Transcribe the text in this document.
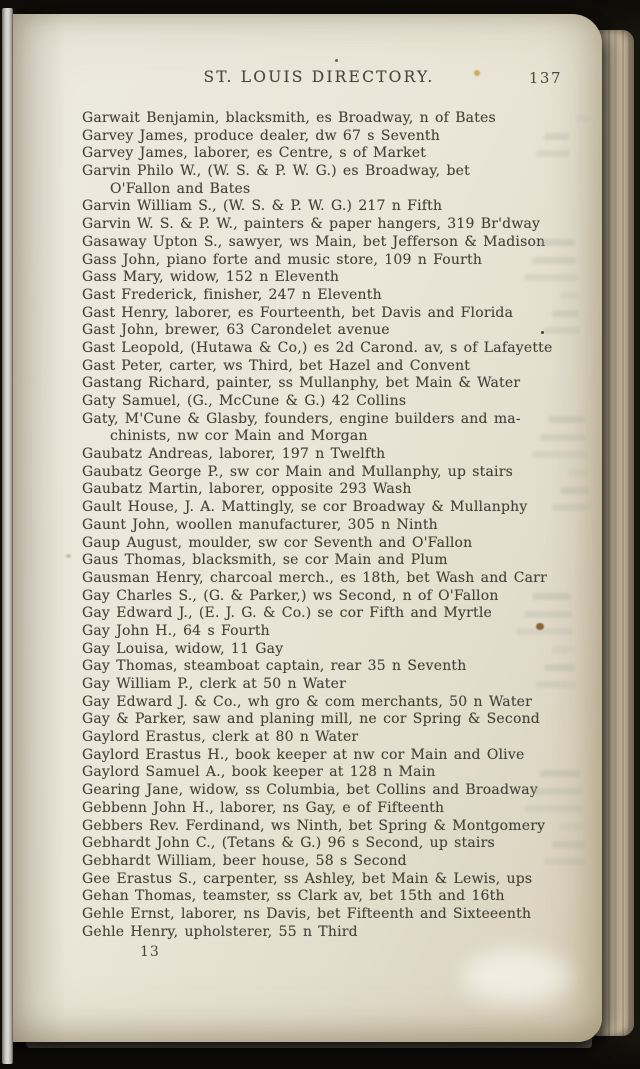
ST. LOUIS DIRECTORY.	137
Garwait Benjamin, blacksmith, es Broadway, n of Bates
Garvey James, produce dealer, dw 67 s Seventh
Garvey James, laborer, es Centre, s of Market
Garvin Philo W., (W. S. & P. W. G.) es Broadway, bet
O'Fallon and Bates
Garvin William S., (W. S. & P. W. G.) 217 n Fifth
Garvin W. S. & P. W., painters & paper hangers, 319 Br'dway
Gasaway Upton S., sawyer, ws Main, bet Jefferson & Madison
Gass John, piano forte and music store, 109 n Fourth
Gass Mary, widow, 152 n Eleventh
Gast Frederick, finisher, 247 n Eleventh
Gast Henry, laborer, es Fourteenth, bet Davis and Florida
Gast John, brewer, 63 Carondelet avenue
Gast Leopold, (Hutawa & Co,) es 2d Carond. av, s of Lafayette
Gast Peter, carter, ws Third, bet Hazel and Convent
Gastang Richard, painter, ss Mullanphy, bet Main & Water
Gaty Samuel, (G., McCune & G.) 42 Collins
Gaty, M'Cune & Glasby, founders, engine builders and ma-
chinists, nw cor Main and Morgan
Gaubatz Andreas, laborer, 197 n Twelfth
Gaubatz George P., sw cor Main and Mullanphy, up stairs
Gaubatz Martin, laborer, opposite 293 Wash
Gault House, J. A. Mattingly, se cor Broadway & Mullanphy
Gaunt John, woollen manufacturer, 305 n Ninth
Gaup August, moulder, sw cor Seventh and O'Fallon
Gaus Thomas, blacksmith, se cor Main and Plum
Gausman Henry, charcoal merch., es 18th, bet Wash and Carr
Gay Charles S., (G. & Parker,) ws Second, n of O'Fallon
Gay Edward J., (E. J. G. & Co.) se cor Fifth and Myrtle
Gay John H., 64 s Fourth
Gay Louisa, widow, 11 Gay
Gay Thomas, steamboat captain, rear 35 n Seventh
Gay William P., clerk at 50 n Water
Gay Edward J. & Co., wh gro & com merchants, 50 n Water
Gay & Parker, saw and planing mill, ne cor Spring & Second
Gaylord Erastus, clerk at 80 n Water
Gaylord Erastus H., book keeper at nw cor Main and Olive
Gaylord Samuel A., book keeper at 128 n Main
Gearing Jane, widow, ss Columbia, bet Collins and Broadway
Gebbenn John H., laborer, ns Gay, e of Fifteenth
Gebbers Rev. Ferdinand, ws Ninth, bet Spring & Montgomery
Gebhardt John C., (Tetans & G.) 96 s Second, up stairs
Gebhardt William, beer house, 58 s Second
Gee Erastus S., carpenter, ss Ashley, bet Main & Lewis, ups
Gehan Thomas, teamster, ss Clark av, bet 15th and 16th
Gehle Ernst, laborer, ns Davis, bet Fifteenth and Sixteeenth
Gehle Henry, upholsterer, 55 n Third
13
